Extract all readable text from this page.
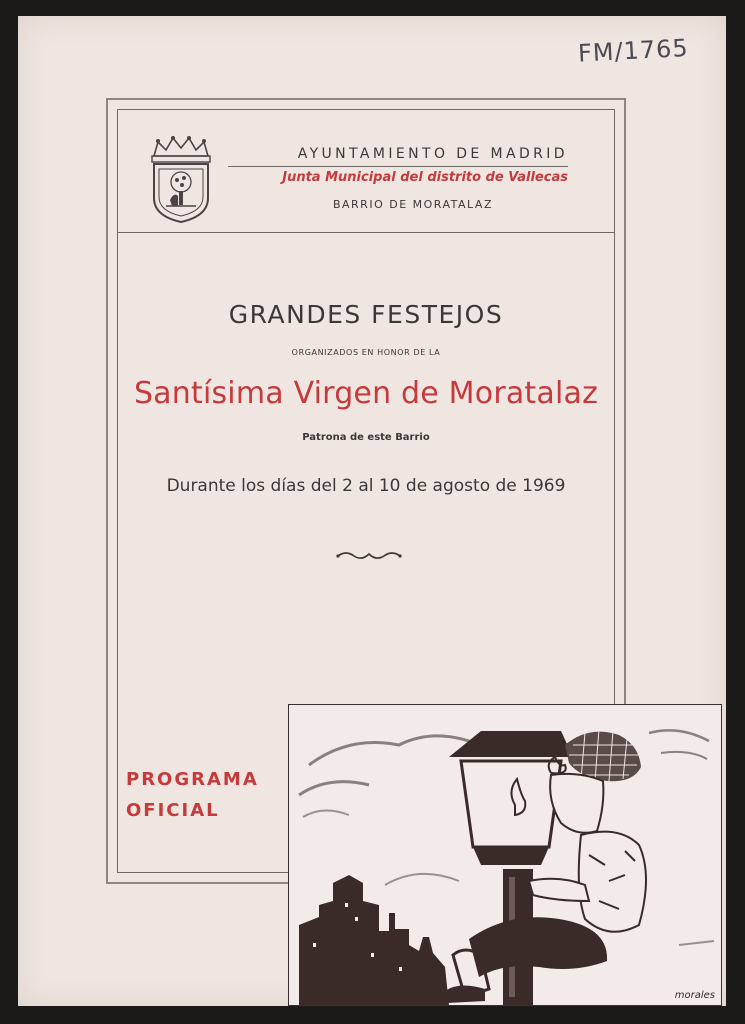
FM/1765
AYUNTAMIENTO DE MADRID
Junta Municipal del distrito de Vallecas
BARRIO DE MORATALAZ
GRANDES FESTEJOS
ORGANIZADOS EN HONOR DE LA
Santísima Virgen de Moratalaz
Patrona de este Barrio
Durante los días del 2 al 10 de agosto de 1969
PROGRAMA
OFICIAL
morales
